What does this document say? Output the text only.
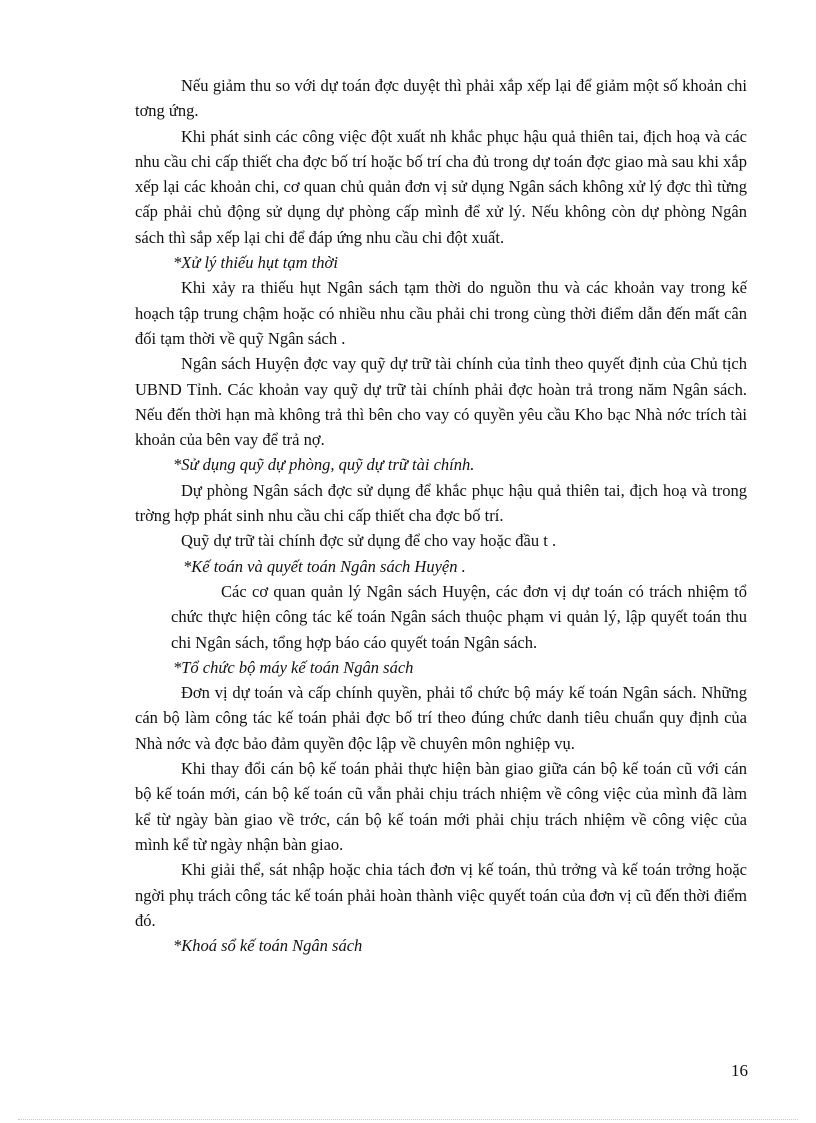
Nếu giảm thu so với dự toán đợc duyệt thì phải xắp xếp lại để giảm một số khoản chi tơng ứng.

Khi phát sinh các công việc đột xuất nh khắc phục hậu quả thiên tai, địch hoạ và các nhu cầu chi cấp thiết cha đợc bố trí hoặc bố trí cha đủ trong dự toán đợc giao mà sau khi xắp xếp lại các khoản chi, cơ quan chủ quản đơn vị sử dụng Ngân sách không xử lý đợc thì từng cấp phải chủ động sử dụng dự phòng cấp mình để xử lý. Nếu không còn dự phòng Ngân sách thì sắp xếp lại chi để đáp ứng nhu cầu chi đột xuất.

*Xử lý thiếu hụt tạm thời

Khi xảy ra thiếu hụt Ngân sách tạm thời do nguồn thu và các khoản vay trong kế hoạch tập trung chậm hoặc có nhiều nhu cầu phải chi trong cùng thời điểm dẫn đến mất cân đối tạm thời về quỹ Ngân sách .

Ngân sách Huyện đợc vay quỹ dự trữ tài chính của tỉnh theo quyết định của Chủ tịch UBND Tỉnh. Các khoản vay quỹ dự trữ tài chính phải đợc hoàn trả trong năm Ngân sách. Nếu đến thời hạn mà không trả thì bên cho vay có quyền yêu cầu Kho bạc Nhà nớc trích tài khoản của bên vay để trả nợ.

*Sử dụng quỹ dự phòng, quỹ dự trữ tài chính.

Dự phòng Ngân sách đợc sử dụng để khắc phục hậu quả thiên tai, địch hoạ và trong trờng hợp phát sinh nhu cầu chi cấp thiết cha đợc bố trí.

Quỹ dự trữ tài chính đợc sử dụng để cho vay hoặc đầu t .

*Kế toán và quyết toán Ngân sách Huyện .

Các cơ quan quản lý Ngân sách Huyện, các đơn vị dự toán có trách nhiệm tổ chức thực hiện công tác kế toán Ngân sách thuộc phạm vi quản lý, lập quyết toán thu chi Ngân sách, tổng hợp báo cáo quyết toán Ngân sách.

*Tổ chức bộ máy kế toán Ngân sách

Đơn vị dự toán và cấp chính quyền, phải tổ chức bộ máy kế toán Ngân sách. Những cán bộ làm công tác kế toán phải đợc bố trí theo đúng chức danh tiêu chuẩn quy định của Nhà nớc và đợc bảo đảm quyền độc lập về chuyên môn nghiệp vụ.

Khi thay đổi cán bộ kế toán phải thực hiện bàn giao giữa cán bộ kế toán cũ với cán bộ kế toán mới, cán bộ kế toán cũ vẫn phải chịu trách nhiệm về công việc của mình đã làm kể từ ngày bàn giao về trớc, cán bộ kế toán mới phải chịu trách nhiệm về công việc của mình kể từ ngày nhận bàn giao.

Khi giải thể, sát nhập hoặc chia tách đơn vị kế toán, thủ trởng và kế toán trởng hoặc ngời phụ trách công tác kế toán phải hoàn thành việc quyết toán của đơn vị cũ đến thời điểm đó.

*Khoá sổ kế toán Ngân sách

16
